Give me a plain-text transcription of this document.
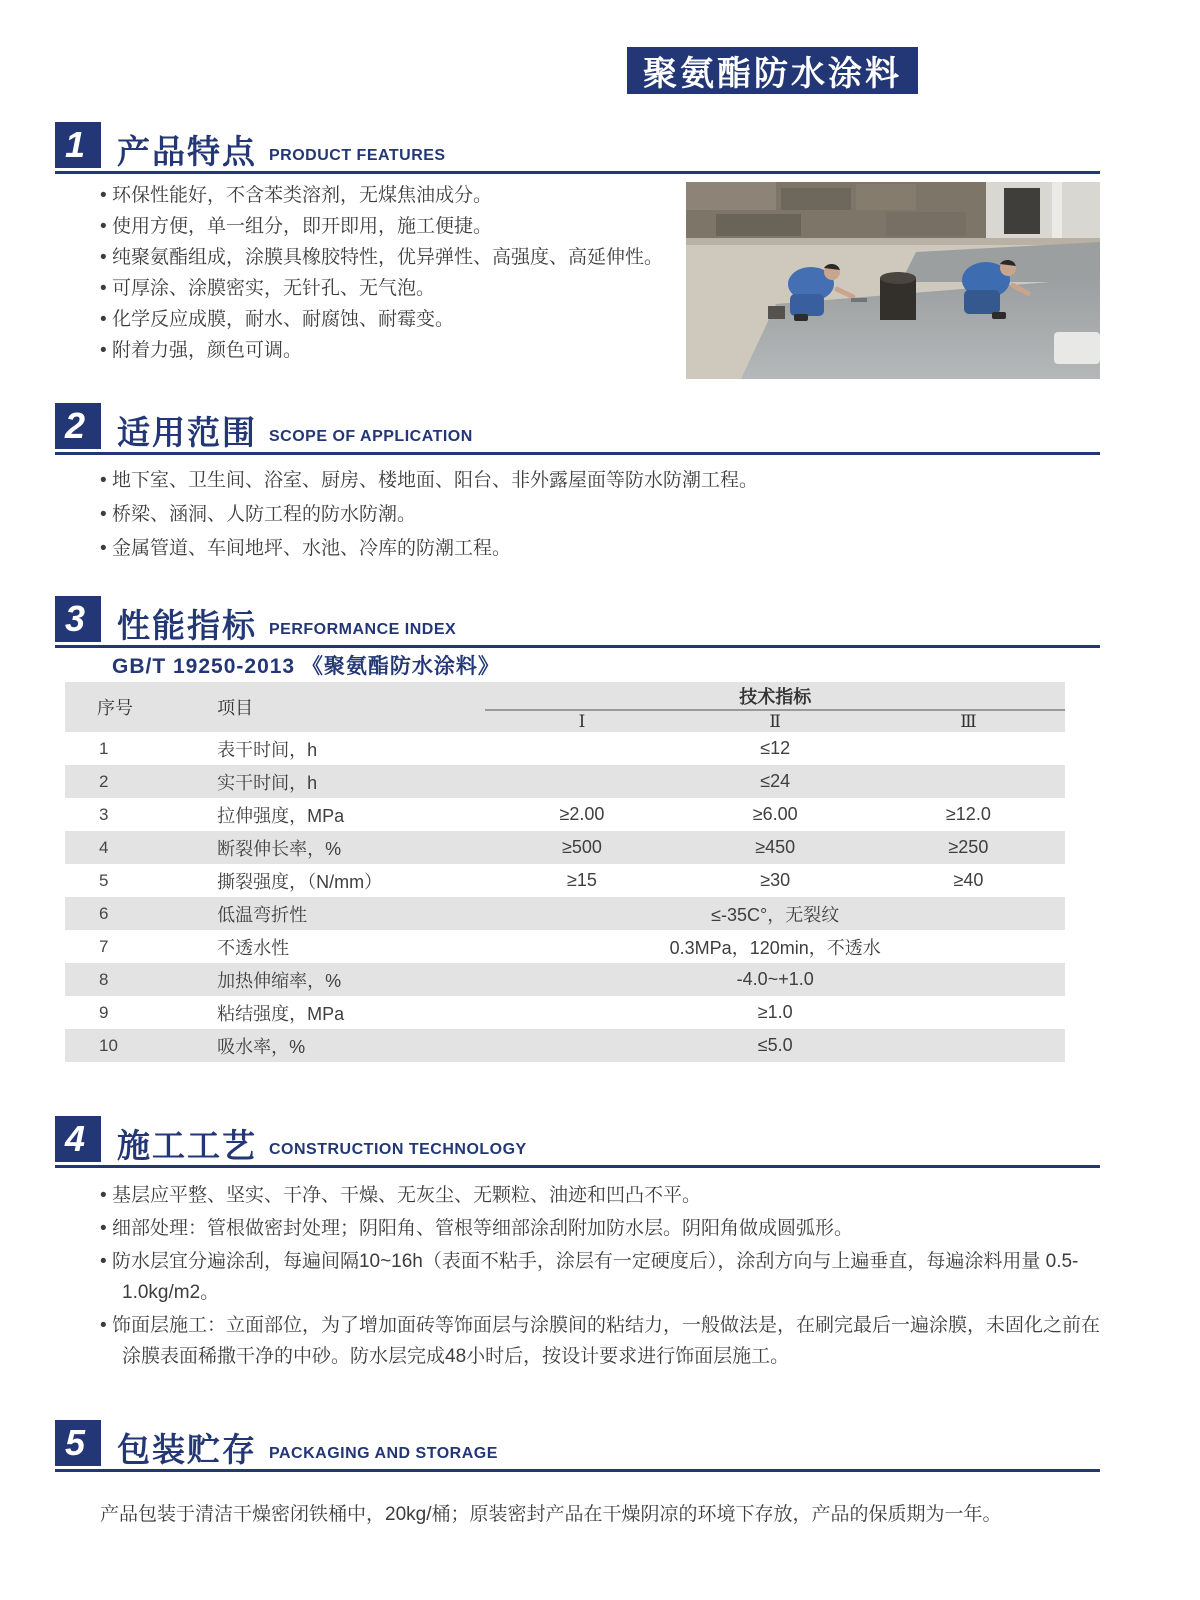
聚氨酯防水涂料
1 产品特点 PRODUCT FEATURES
• 环保性能好，不含苯类溶剂，无煤焦油成分。
• 使用方便，单一组分，即开即用，施工便捷。
• 纯聚氨酯组成，涂膜具橡胶特性，优异弹性、高强度、高延伸性。
• 可厚涂、涂膜密实，无针孔、无气泡。
• 化学反应成膜，耐水、耐腐蚀、耐霉变。
• 附着力强，颜色可调。
2 适用范围 SCOPE OF APPLICATION
• 地下室、卫生间、浴室、厨房、楼地面、阳台、非外露屋面等防水防潮工程。
• 桥梁、涵洞、人防工程的防水防潮。
• 金属管道、车间地坪、水池、冷库的防潮工程。
3 性能指标 PERFORMANCE INDEX
GB/T 19250-2013 《聚氨酯防水涂料》
序号	项目	技术指标		
		Ⅰ	Ⅱ	Ⅲ
1	表干时间，h	≤12		
2	实干时间，h	≤24		
3	拉伸强度，MPa	≥2.00	≥6.00	≥12.0
4	断裂伸长率，%	≥500	≥450	≥250
5	撕裂强度，（N/mm）	≥15	≥30	≥40
6	低温弯折性	≤-35C°，无裂纹		
7	不透水性	0.3MPa，120min，不透水		
8	加热伸缩率，%	-4.0~+1.0		
9	粘结强度，MPa	≥1.0		
10	吸水率，%	≤5.0		
4 施工工艺 CONSTRUCTION TECHNOLOGY
• 基层应平整、坚实、干净、干燥、无灰尘、无颗粒、油迹和凹凸不平。
• 细部处理：管根做密封处理；阴阳角、管根等细部涂刮附加防水层。阴阳角做成圆弧形。
• 防水层宜分遍涂刮，每遍间隔10~16h（表面不粘手，涂层有一定硬度后），涂刮方向与上遍垂直，每遍涂料用量 0.5-1.0kg/m2。
• 饰面层施工：立面部位，为了增加面砖等饰面层与涂膜间的粘结力，一般做法是，在刷完最后一遍涂膜，未固化之前在涂膜表面稀撒干净的中砂。防水层完成48小时后，按设计要求进行饰面层施工。
5 包装贮存 PACKAGING AND STORAGE
产品包装于清洁干燥密闭铁桶中，20kg/桶；原装密封产品在干燥阴凉的环境下存放，产品的保质期为一年。
